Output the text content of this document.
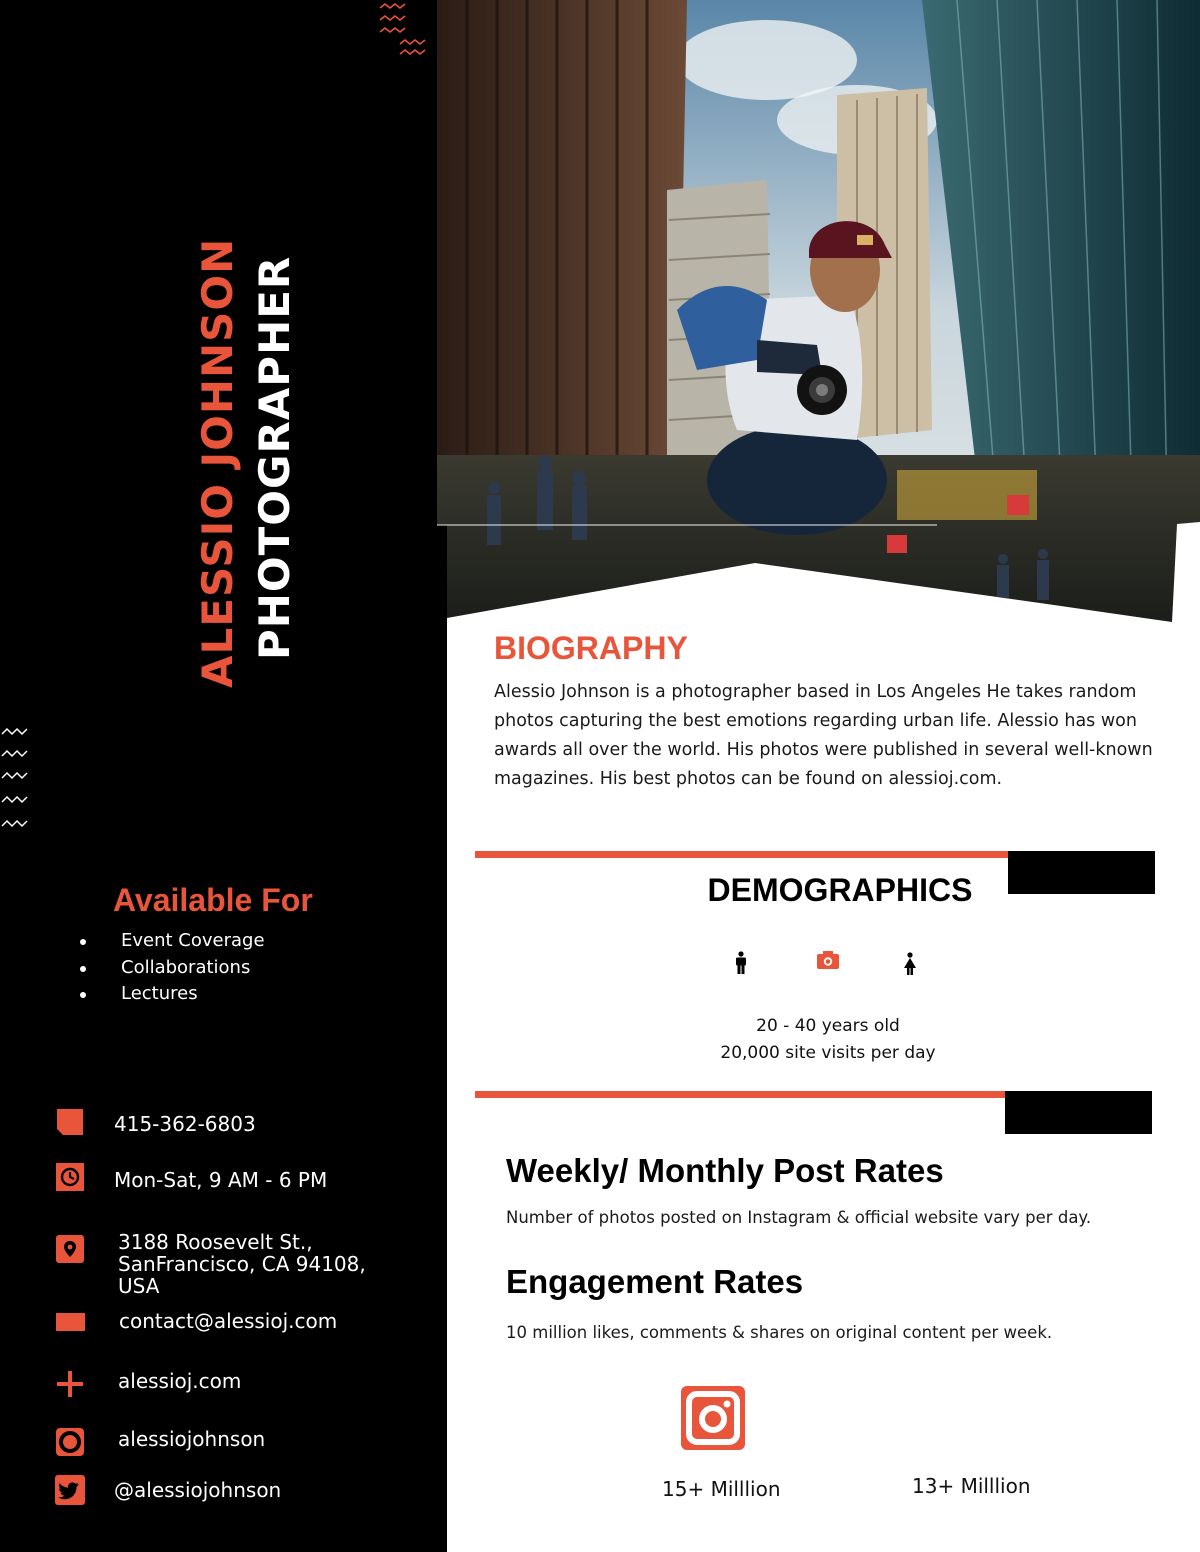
ALESSIO JOHNSON PHOTOGRAPHER
Available For
Event Coverage
Collaborations
Lectures
415-362-6803
Mon-Sat, 9 AM - 6 PM
3188 Roosevelt St.,
SanFrancisco, CA 94108,
USA
contact@alessioj.com
alessioj.com
alessiojohnson
@alessiojohnson
BIOGRAPHY

Alessio Johnson is a photographer based in Los Angeles He takes random photos capturing the best emotions regarding urban life. Alessio has won awards all over the world. His photos were published in several well-known magazines. His best photos can be found on alessioj.com.

DEMOGRAPHICS
20 - 40 years old
20,000 site visits per day
Weekly/ Monthly Post Rates
Number of photos posted on Instagram & official website vary per day.
Engagement Rates
10 million likes, comments & shares on original content per week.
15+ Milllion	13+ Milllion
